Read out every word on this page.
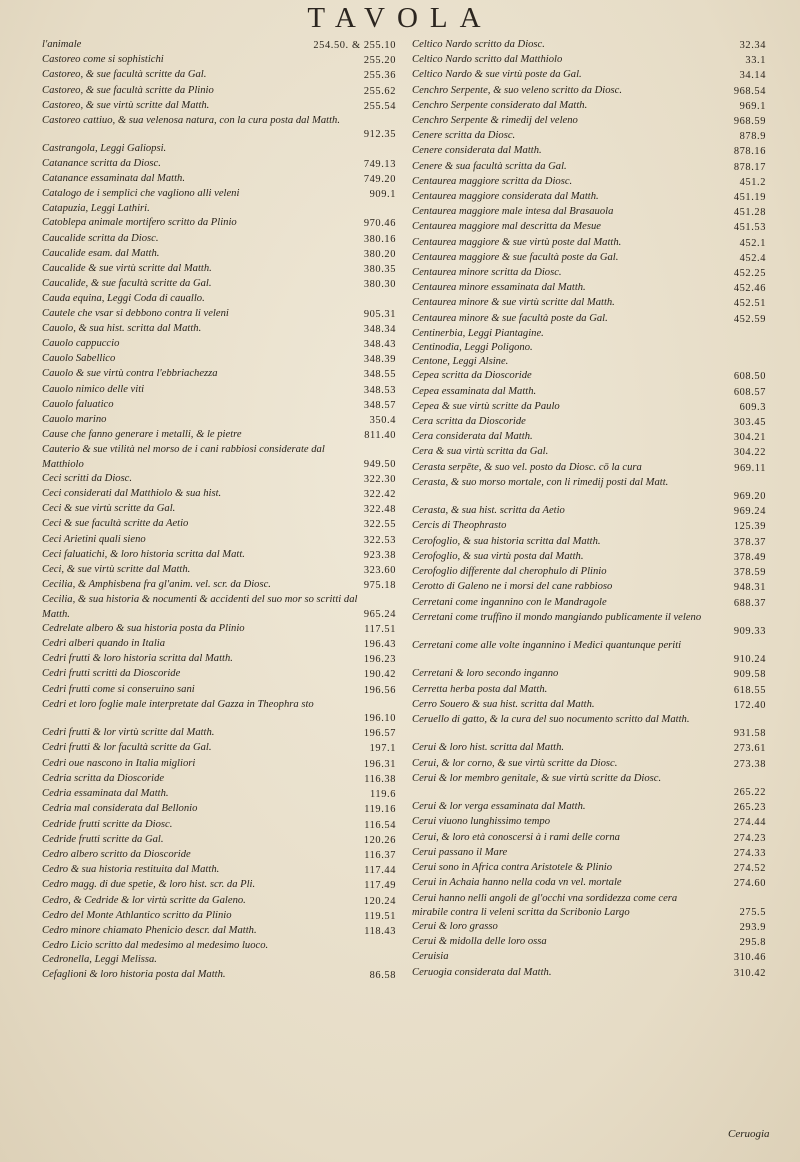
TAVOLA
l'animale	254.50. & 255.10
Castoreo come si sophistichi	255.20
Castoreo, & sue facultà scritte da Gal.	255.36
Castoreo, & sue facultà scritte da Plinio	255.62
Castoreo, & sue virtù scritte dal Matth.	255.54
Castoreo cattiuo, & sua velenosa natura, con la cura posta dal Matth.
912.35
Castrangola, Leggi Galiopsi.
Catanance scritta da Diosc.	749.13
Catanance essaminata dal Matth.	749.20
Catalogo de i semplici che vagliono alli veleni	909.1
Catapuzia, Leggi Lathiri.
Catoblepa animale mortifero scritto da Plinio	970.46
Caucalide scritta da Diosc.	380.16
Caucalide esam. dal Matth.	380.20
Caucalide & sue virtù scritte dal Matth.	380.35
Caucalide, & sue facultà scritte da Gal.	380.30
Cauda equina, Leggi Coda di cauallo.
Cautele che vsar si debbono contra li veleni	905.31
Cauolo, & sua hist. scritta dal Matth.	348.34
Cauolo cappuccio	348.43
Cauolo Sabellico	348.39
Cauolo & sue virtù contra l'ebbriachezza	348.55
Cauolo nimico delle viti	348.53
Cauolo faluatico	348.57
Cauolo marino	350.4
Cause che fanno generare i metalli, & le pietre	811.40
Cauterio & sue vtilità nel morso de i cani rabbiosi considerate dal Matthiolo	949.50
Ceci scritti da Diosc.	322.30
Ceci considerati dal Matthiolo & sua hist.	322.42
Ceci & sue virtù scritte da Gal.	322.48
Ceci & sue facultà scritte da Aetio	322.55
Ceci Arietini quali sieno	322.53
Ceci faluatichi, & loro historia scritta dal Matt.	923.38
Ceci, & sue virtù scritte dal Matth.	323.60
Cecilia, & Amphisbena fra gl'anim. vel. scr. da Diosc.	975.18
Cecilia, & sua historia & nocumenti & accidenti del suo mor so scritti dal Matth.	965.24
Cedrelate albero & sua historia posta da Plinio	117.51
Cedri alberi quando in Italia	196.43
Cedri frutti & loro historia scritta dal Matth.	196.23
Cedri frutti scritti da Dioscoride	190.42
Cedri frutti come si conseruino sani	196.56
Cedri et loro foglie male interpretate dal Gazza in Theophra sto
196.10
Cedri frutti & lor virtù scritte dal Matth.	196.57
Cedri frutti & lor facultà scritte da Gal.	197.1
Cedri oue nascono in Italia migliori	196.31
Cedria scritta da Dioscoride	116.38
Cedria essaminata dal Matth.	119.6
Cedria mal considerata dal Bellonio	119.16
Cedride frutti scritte da Diosc.	116.54
Cedride frutti scritte da Gal.	120.26
Cedro albero scritto da Dioscoride	116.37
Cedro & sua historia restituita dal Matth.	117.44
Cedro magg. di due spetie, & loro hist. scr. da Pli.	117.49
Cedro, & Cedride & lor virtù scritte da Galeno.	120.24
Cedro del Monte Athlantico scritto da Plinio	119.51
Cedro minore chiamato Phenicio descr. dal Matth.	118.43
Cedro Licio scritto dal medesimo al medesimo luoco.
Cedronella, Leggi Melissa.
Cefaglioni & loro historia posta dal Matth.	86.58
Celtico Nardo scritto da Diosc.	32.34
Celtico Nardo scritto dal Matthiolo	33.1
Celtico Nardo & sue virtù poste da Gal.	34.14
Cenchro Serpente, & suo veleno scritto da Diosc.	968.54
Cenchro Serpente considerato dal Matth.	969.1
Cenchro Serpente & rimedij del veleno	968.59
Cenere scritta da Diosc.	878.9
Cenere considerata dal Matth.	878.16
Cenere & sua facultà scritta da Gal.	878.17
Centaurea maggiore scritta da Diosc.	451.2
Centaurea maggiore considerata dal Matth.	451.19
Centaurea maggiore male intesa dal Brasauola	451.28
Centaurea maggiore mal descritta da Mesue	451.53
Centaurea maggiore & sue virtù poste dal Matth.	452.1
Centaurea maggiore & sue facultà poste da Gal.	452.4
Centaurea minore scritta da Diosc.	452.25
Centaurea minore essaminata dal Matth.	452.46
Centaurea minore & sue virtù scritte dal Matth.	452.51
Centaurea minore & sue facultà poste da Gal.	452.59
Centinerbia, Leggi Piantagine.
Centinodia, Leggi Poligono.
Centone, Leggi Alsine.
Cepea scritta da Dioscoride	608.50
Cepea essaminata dal Matth.	608.57
Cepea & sue virtù scritte da Paulo	609.3
Cera scritta da Dioscoride	303.45
Cera considerata dal Matth.	304.21
Cera & sua virtù scritta da Gal.	304.22
Cerasta serpēte, & suo vel. posto da Diosc. cō la cura	969.11
Cerasta, & suo morso mortale, con li rimedij posti dal Matt.
969.20
Cerasta, & sua hist. scritta da Aetio	969.24
Cercis di Theophrasto	125.39
Cerofoglio, & sua historia scritta dal Matth.	378.37
Cerofoglio, & sua virtù posta dal Matth.	378.49
Cerofoglio differente dal cherophulo di Plinio	378.59
Cerotto di Galeno ne i morsi del cane rabbioso	948.31
Cerretani come ingannino con le Mandragole	688.37
Cerretani come truffino il mondo mangiando publicamente il veleno
909.33
Cerretani come alle volte ingannino i Medici quantunque periti
910.24
Cerretani & loro secondo inganno	909.58
Cerretta herba posta dal Matth.	618.55
Cerro Souero & sua hist. scritta dal Matth.	172.40
Ceruello di gatto, & la cura del suo nocumento scritto dal Matth.
931.58
Cerui & loro hist. scritta dal Matth.	273.61
Cerui, & lor corno, & sue virtù scritte da Diosc.	273.38
Cerui & lor membro genitale, & sue virtù scritte da Diosc.
265.22
Cerui & lor verga essaminata dal Matth.	265.23
Cerui viuono lunghissimo tempo	274.44
Cerui, & loro età conoscersi à i rami delle corna	274.23
Cerui passano il Mare	274.33
Cerui sono in Africa contra Aristotele & Plinio	274.52
Cerui in Achaia hanno nella coda vn vel. mortale	274.60
Cerui hanno nelli angoli de gl'occhi vna sordidezza come cera mirabile contra li veleni scritta da Scribonio Largo	275.5
Cerui & loro grasso	293.9
Cerui & midolla delle loro ossa	295.8
Ceruisia	310.46
Ceruogia considerata dal Matth.	310.42
Ceruogia
